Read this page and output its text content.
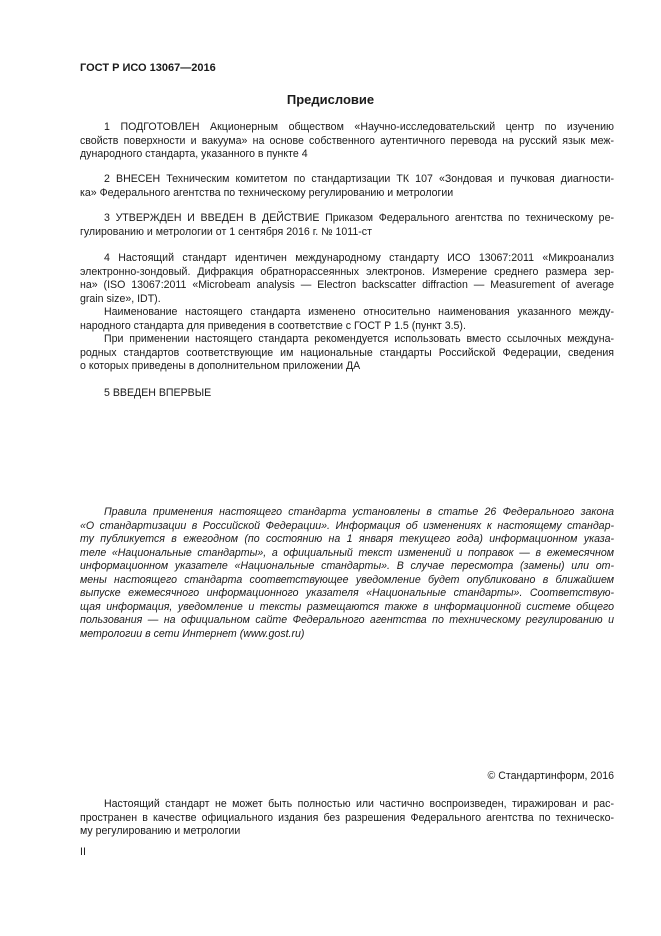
ГОСТ Р ИСО 13067—2016
Предисловие
1 ПОДГОТОВЛЕН Акционерным обществом «Научно-исследовательский центр по изучению
свойств поверхности и вакуума» на основе собственного аутентичного перевода на русский язык меж-
дународного стандарта, указанного в пункте 4
2 ВНЕСЕН Техническим комитетом по стандартизации ТК 107 «Зондовая и пучковая диагности-
ка» Федерального агентства по техническому регулированию и метрологии
3 УТВЕРЖДЕН И ВВЕДЕН В ДЕЙСТВИЕ Приказом Федерального агентства по техническому ре-
гулированию и метрологии от 1 сентября 2016 г. № 1011-ст
4 Настоящий стандарт идентичен международному стандарту ИСО 13067:2011 «Микроанализ
электронно-зондовый. Дифракция обратнорассеянных электронов. Измерение среднего размера зер-
на» (ISO 13067:2011 «Microbeam analysis — Electron backscatter diffraction — Measurement of average
grain size», IDT).
Наименование настоящего стандарта изменено относительно наименования указанного между-
народного стандарта для приведения в соответствие с ГОСТ Р 1.5 (пункт 3.5).
При применении настоящего стандарта рекомендуется использовать вместо ссылочных междуна-
родных стандартов соответствующие им национальные стандарты Российской Федерации, сведения
о которых приведены в дополнительном приложении ДА
5 ВВЕДЕН ВПЕРВЫЕ
Правила применения настоящего стандарта установлены в статье 26 Федерального закона
«О стандартизации в Российской Федерации». Информация об изменениях к настоящему стандар-
ту публикуется в ежегодном (по состоянию на 1 января текущего года) информационном указа-
теле «Национальные стандарты», а официальный текст изменений и поправок — в ежемесячном
информационном указателе «Национальные стандарты». В случае пересмотра (замены) или от-
мены настоящего стандарта соответствующее уведомление будет опубликовано в ближайшем
выпуске ежемесячного информационного указателя «Национальные стандарты». Соответствую-
щая информация, уведомление и тексты размещаются также в информационной системе общего
пользования — на официальном сайте Федерального агентства по техническому регулированию и
метрологии в сети Интернет (www.gost.ru)
© Стандартинформ, 2016
Настоящий стандарт не может быть полностью или частично воспроизведен, тиражирован и рас-
пространен в качестве официального издания без разрешения Федерального агентства по техническо-
му регулированию и метрологии
II
